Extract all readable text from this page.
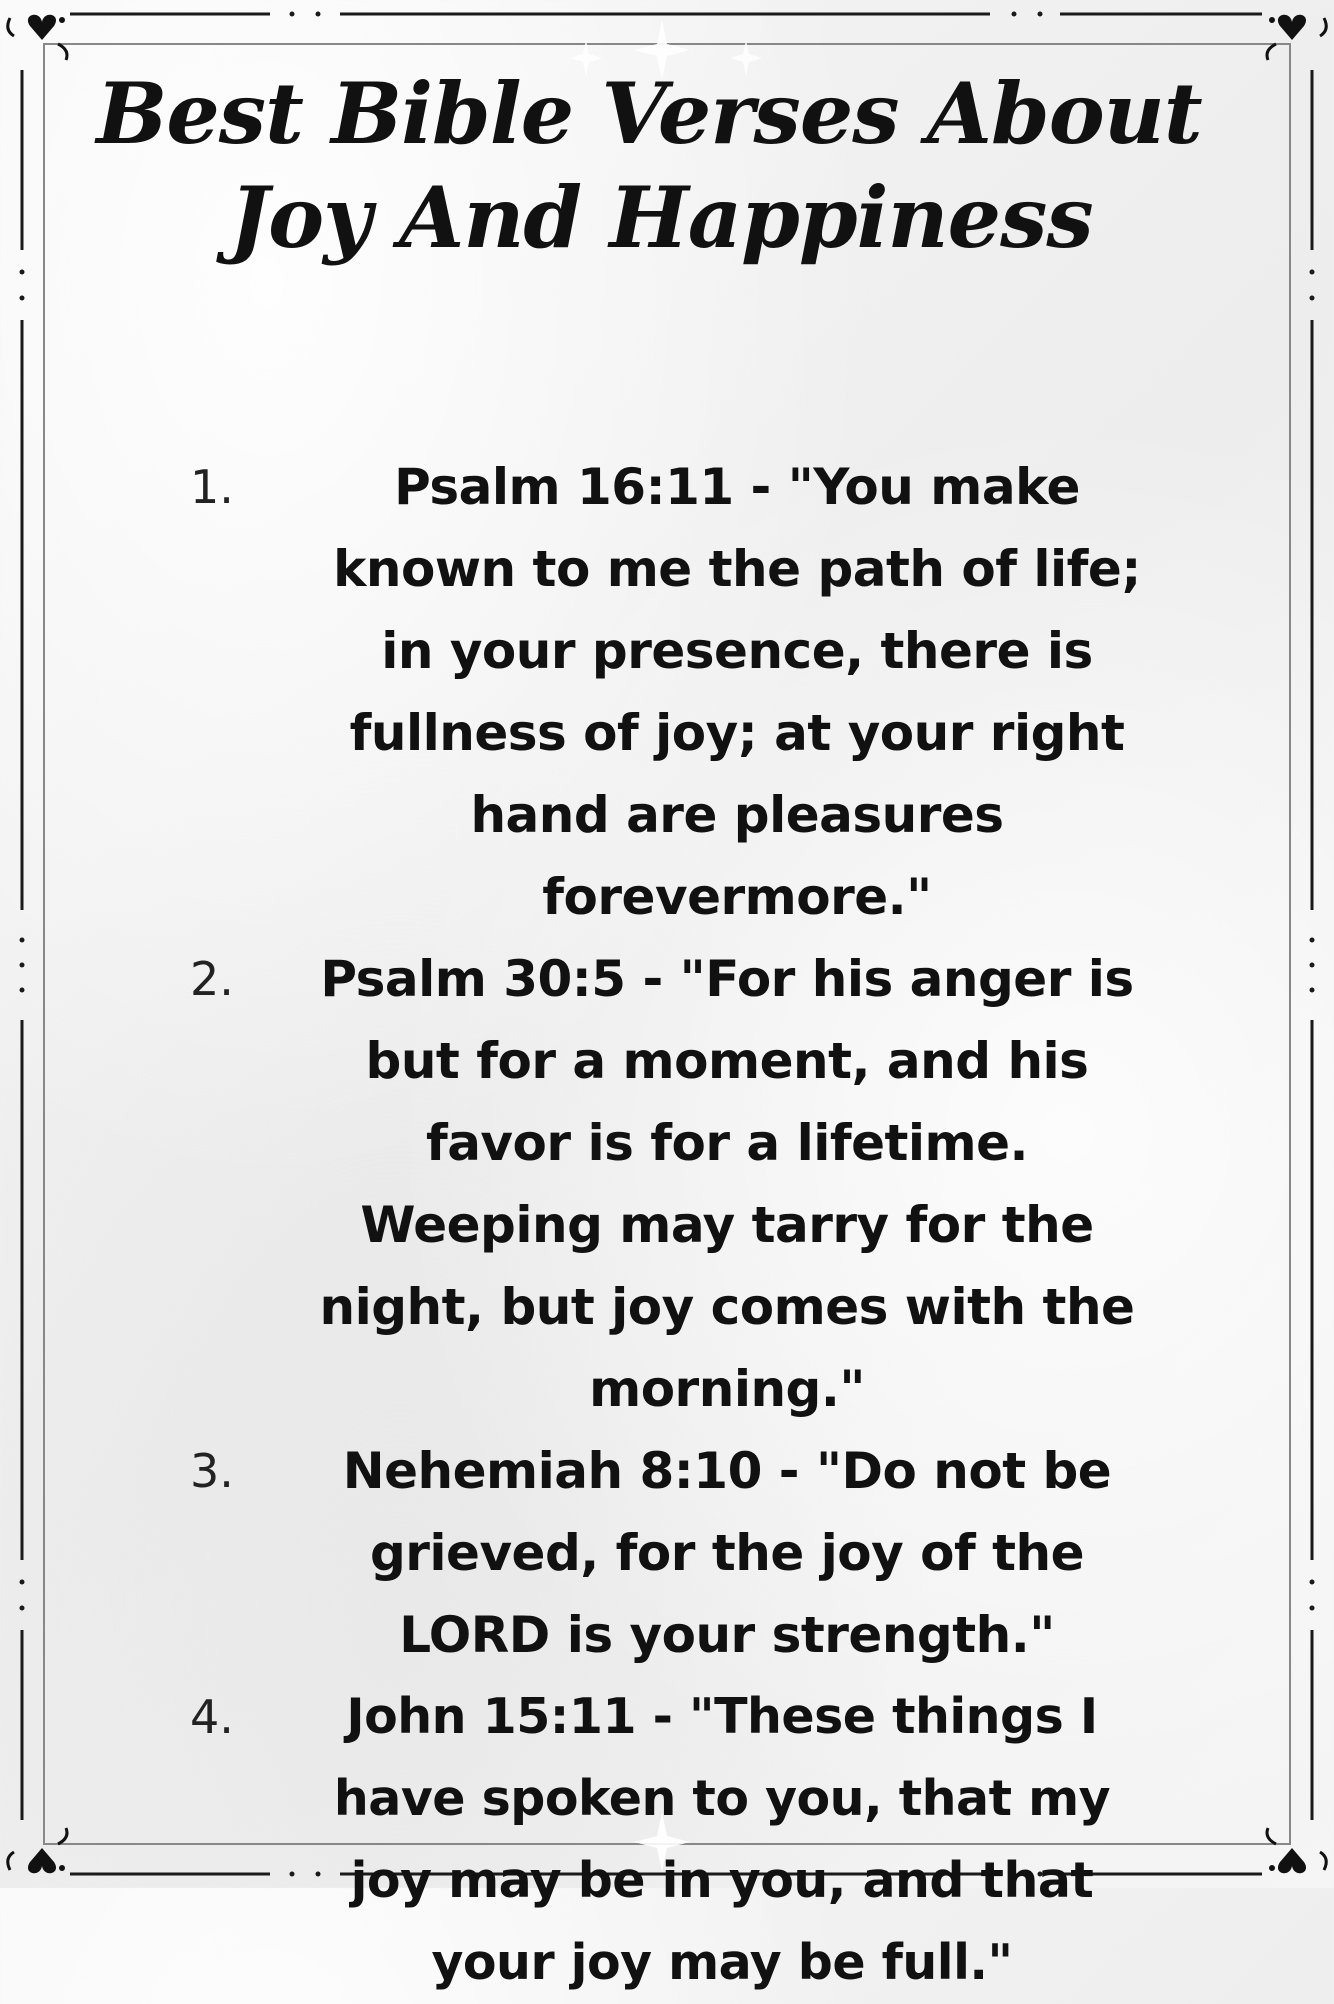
Best Bible Verses About
Joy And Happiness
1.	Psalm 16:11 - "You make known to me the path of life; in your presence, there is fullness of joy; at your right hand are pleasures forevermore."

2.	Psalm 30:5 - "For his anger is but for a moment, and his favor is for a lifetime. Weeping may tarry for the night, but joy comes with the morning."

3.	Nehemiah 8:10 - "Do not be grieved, for the joy of the LORD is your strength."

4.	John 15:11 - "These things I have spoken to you, that my joy may be in you, and that your joy may be full."
